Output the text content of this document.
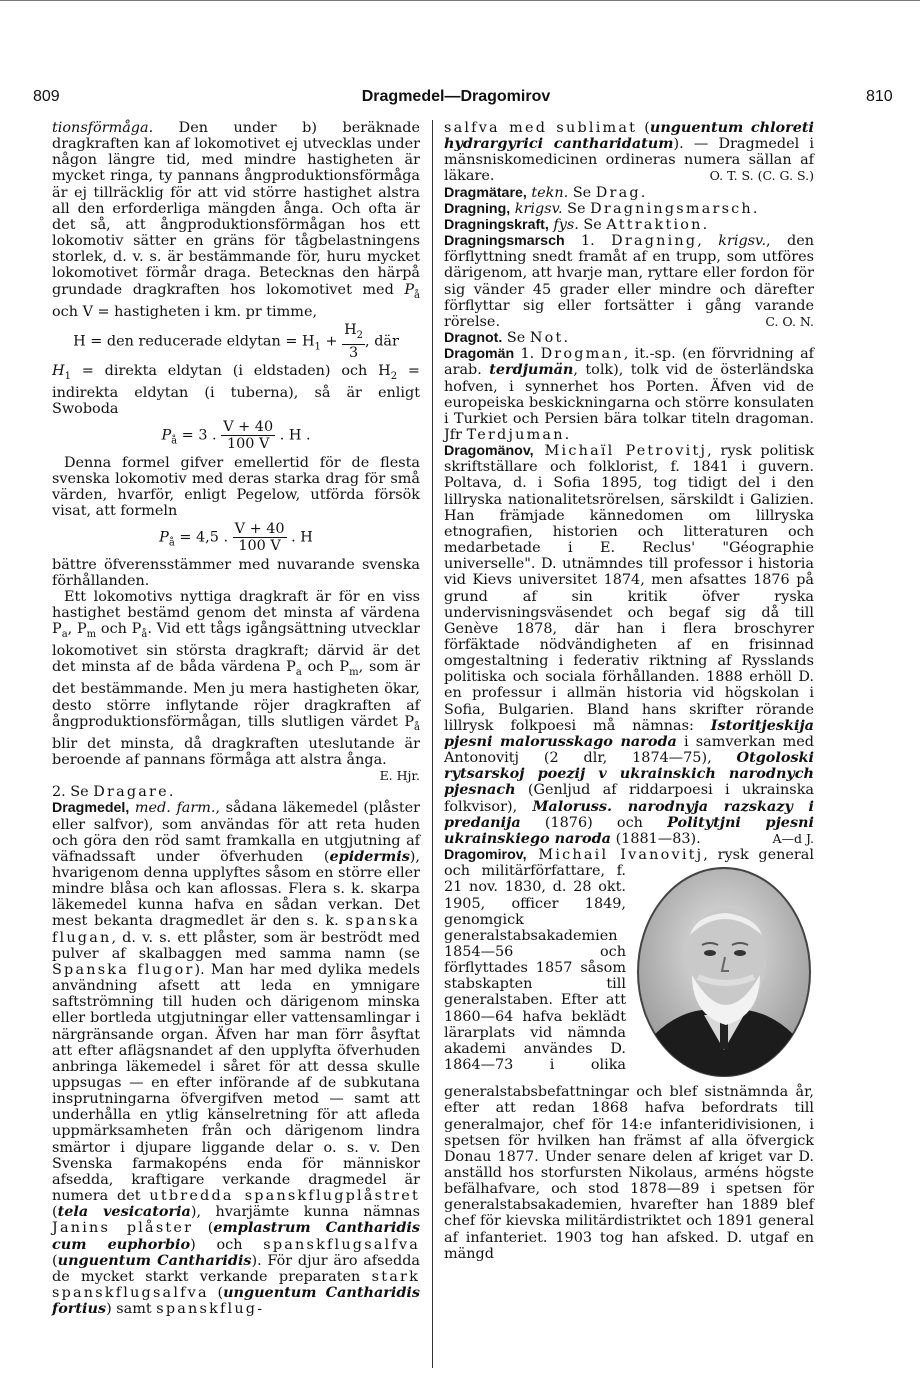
809	Dragmedel—Dragomirov	810

tionsförmåga. Den under b) beräknade dragkraften kan af lokomotivet ej utvecklas under någon längre tid, med mindre hastigheten är mycket ringa, ty pannans ångproduktionsförmåga är ej tillräcklig för att vid större hastighet alstra all den erforderliga mängden ånga. Och ofta är det så, att ångproduktionsförmågan hos ett lokomotiv sätter en gräns för tågbelastningens storlek, d. v. s. är bestämmande för, huru mycket lokomotivet förmår draga. Betecknas den härpå grundade dragkraften hos lokomotivet med $P_å$ och V = hastigheten i km. pr timme,

H = den reducerade eldytan = $H_1 + \frac{H_2}{3}$ , där

$H_1$ = direkta eldytan (i eldstaden) och $H_2$ = indirekta eldytan (i tuberna), så är enligt Swoboda

$P_å = 3$ . $\frac{V + 40}{100 V}$ . H .

Denna formel gifver emellertid för de flesta svenska lokomotiv med deras starka drag för små värden, hvarför, enligt Pegelow, utförda försök visat, att formeln

$P_å = 4,5$ . $\frac{V + 40}{100 V}$ . H

bättre öfverensstämmer med nuvarande svenska förhållanden.

Ett lokomotivs nyttiga dragkraft är för en viss hastighet bestämd genom det minsta af värdena $P_a$, $P_m$ och $P_å$. Vid ett tågs igångsättning utvecklar lokomotivet sin största dragkraft; därvid är det det minsta af de båda värdena $P_a$ och $P_m$, som är det bestämmande. Men ju mera hastigheten ökar, desto större inflytande röjer dragkraften af ångproduktionsförmågan, tills slutligen värdet $P_å$ blir det minsta, då dragkraften uteslutande är beroende af pannans förmåga att alstra ånga.
E. Hjr.

2. Se Dragare.

Dragmedel, med. farm., sådana läkemedel (plåster eller salfvor), som användas för att reta huden och göra den röd samt framkalla en utgjutning af väfnadssaft under öfverhuden (epidermis), hvarigenom denna upplyftes såsom en större eller mindre blåsa och kan aflossas. Flera s. k. skarpa läkemedel kunna hafva en sådan verkan. Det mest bekanta dragmedlet är den s. k. spanska flugan, d. v. s. ett plåster, som är beströdt med pulver af skalbaggen med samma namn (se Spanska flugor). Man har med dylika medels användning afsett att leda en ymnigare saftströmning till huden och därigenom minska eller bortleda utgjutningar eller vattensamlingar i närgränsande organ. Äfven har man förr åsyftat att efter aflägsnandet af den upplyfta öfverhuden anbringa läkemedel i såret för att dessa skulle uppsugas — en efter införande af de subkutana insprutningarna öfvergifven metod — samt att underhålla en ytlig känselretning för att afleda uppmärksamheten från och därigenom lindra smärtor i djupare liggande delar o. s. v. Den Svenska farmakopéns enda för människor afsedda, kraftigare verkande dragmedel är numera det utbredda spanskflugplåstret (tela vesicatoria), hvarjämte kunna nämnas Janins plåster (emplastrum Cantharidis cum euphorbio) och spanskflugsalfva (unguentum Cantharidis). För djur äro afsedda de mycket starkt verkande preparaten stark spanskflugsalfva (unguentum Cantharidis fortius) samt spanskflug-

salfva med sublimat (unguentum chloreti hydrargyrici cantharidatum). — Dragmedel i mänsniskomedicinen ordineras numera sällan af läkare.	O. T. S. (C. G. S.)

Dragmätare, tekn. Se Drag.

Dragning, krigsv. Se Dragningsmarsch.

Dragningskraft, fys. Se Attraktion.

Dragningsmarsch 1. Dragning, krigsv., den förflyttning snedt framåt af en trupp, som utföres därigenom, att hvarje man, ryttare eller fordon för sig vänder 45 grader eller mindre och därefter förflyttar sig eller fortsätter i gång varande rörelse.	C. O. N.

Dragnot. Se Not.

Dragomän 1. Drogman, it.-sp. (en förvridning af arab. terdjumän, tolk), tolk vid de österländska hofven, i synnerhet hos Porten. Äfven vid de europeiska beskickningarna och större konsulaten i Turkiet och Persien bära tolkar titeln dragoman. Jfr Terdjuman.

Dragomänov, Michaïl Petrovitj, rysk politisk skriftställare och folklorist, f. 1841 i guvern. Poltava, d. i Sofia 1895, tog tidigt del i den lillryska nationalitetsrörelsen, särskildt i Galizien. Han främjade kännedomen om lillryska etnografien, historien och litteraturen och medarbetade i E. Reclus' "Géographie universelle". D. utnämndes till professor i historia vid Kievs universitet 1874, men afsattes 1876 på grund af sin kritik öfver ryska undervisningsväsendet och begaf sig då till Genève 1878, där han i flera broschyrer förfäktade nödvändigheten af en frisinnad omgestaltning i federativ riktning af Rysslands politiska och sociala förhållanden. 1888 erhöll D. en professur i allmän historia vid högskolan i Sofia, Bulgarien. Bland hans skrifter rörande lillrysk folkpoesi må nämnas: Istoritjeskija pjesni malorusskago naroda i samverkan med Antonovitj (2 dlr, 1874—75), Otgoloski rytsarskoj poezij v ukrainskich narodnych pjesnach (Genljud af riddarpoesi i ukrainska folkvisor), Maloruss. narodnyja razskazy i predanija (1876) och Politytjni pjesni ukrainskiego naroda (1881—83).	A—d J.

Dragomirov, Michail Ivanovitj
, rysk general och militärförfattare, f. 21 nov. 1830, d. 28 okt. 1905, officer 1849, genomgick generalstabsakademien 1854—56 och förflyttades 1857 såsom stabskapten till generalstaben. Efter att 1860—64 hafva beklädt lärarplats vid nämnda akademi användes D. 1864—73 i olika generalstabsbefattningar och blef sistnämnda år, efter att redan 1868 hafva befordrats till generalmajor, chef för 14:e infanteridivisionen, i spetsen för hvilken han främst af alla öfvergick Donau 1877. Under senare delen af kriget var D. anställd hos storfursten Nikolaus, arméns högste befälhafvare, och stod 1878—89 i spetsen för generalstabsakademien, hvarefter han 1889 blef chef för kievska militärdistriktet och 1891 general af infanteriet. 1903 tog han afsked. D. utgaf en mängd
